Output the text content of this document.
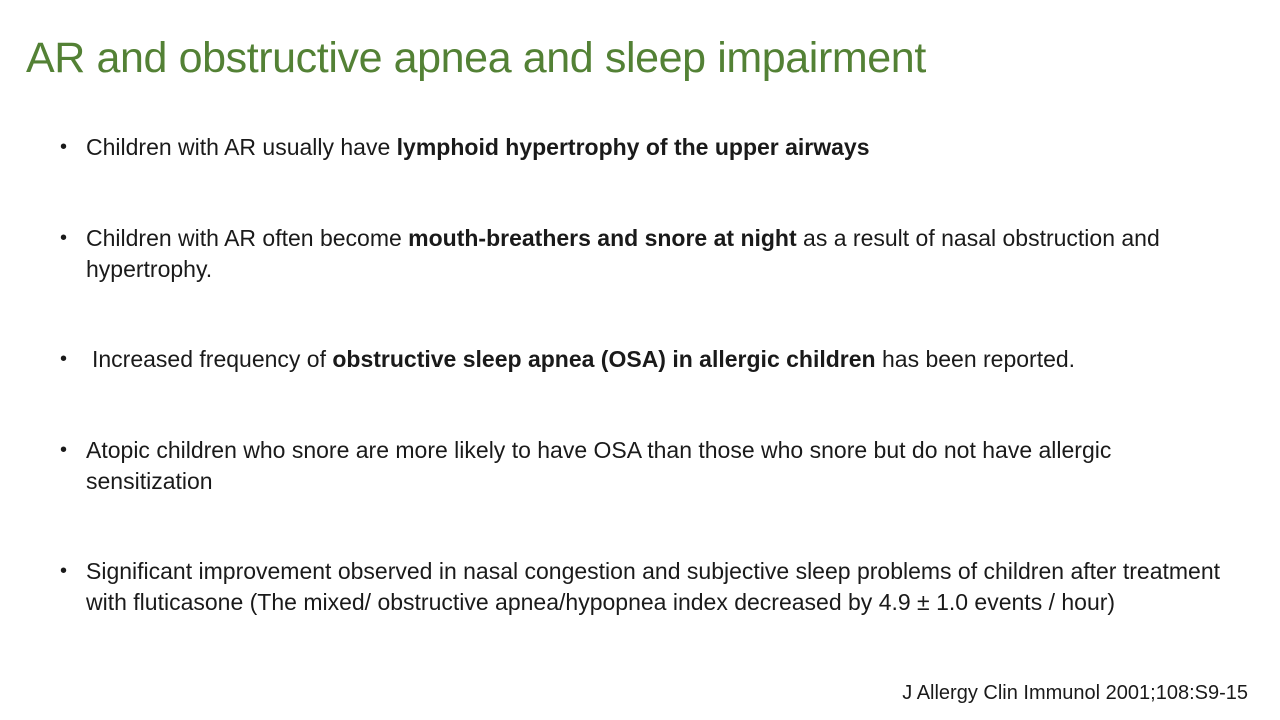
AR and obstructive apnea and sleep impairment
• Children with AR usually have lymphoid hypertrophy of the upper airways
• Children with AR often become mouth-breathers and snore at night as a result of nasal obstruction and hypertrophy.
•	Increased frequency of obstructive sleep apnea (OSA) in allergic children has been reported.
• Atopic children who snore are more likely to have OSA than those who snore but do not have allergic sensitization
• Significant improvement observed in nasal congestion and subjective sleep problems of children after treatment with fluticasone (The mixed/ obstructive apnea/hypopnea index decreased by 4.9 ± 1.0 events / hour)
J Allergy Clin Immunol 2001;108:S9-15
